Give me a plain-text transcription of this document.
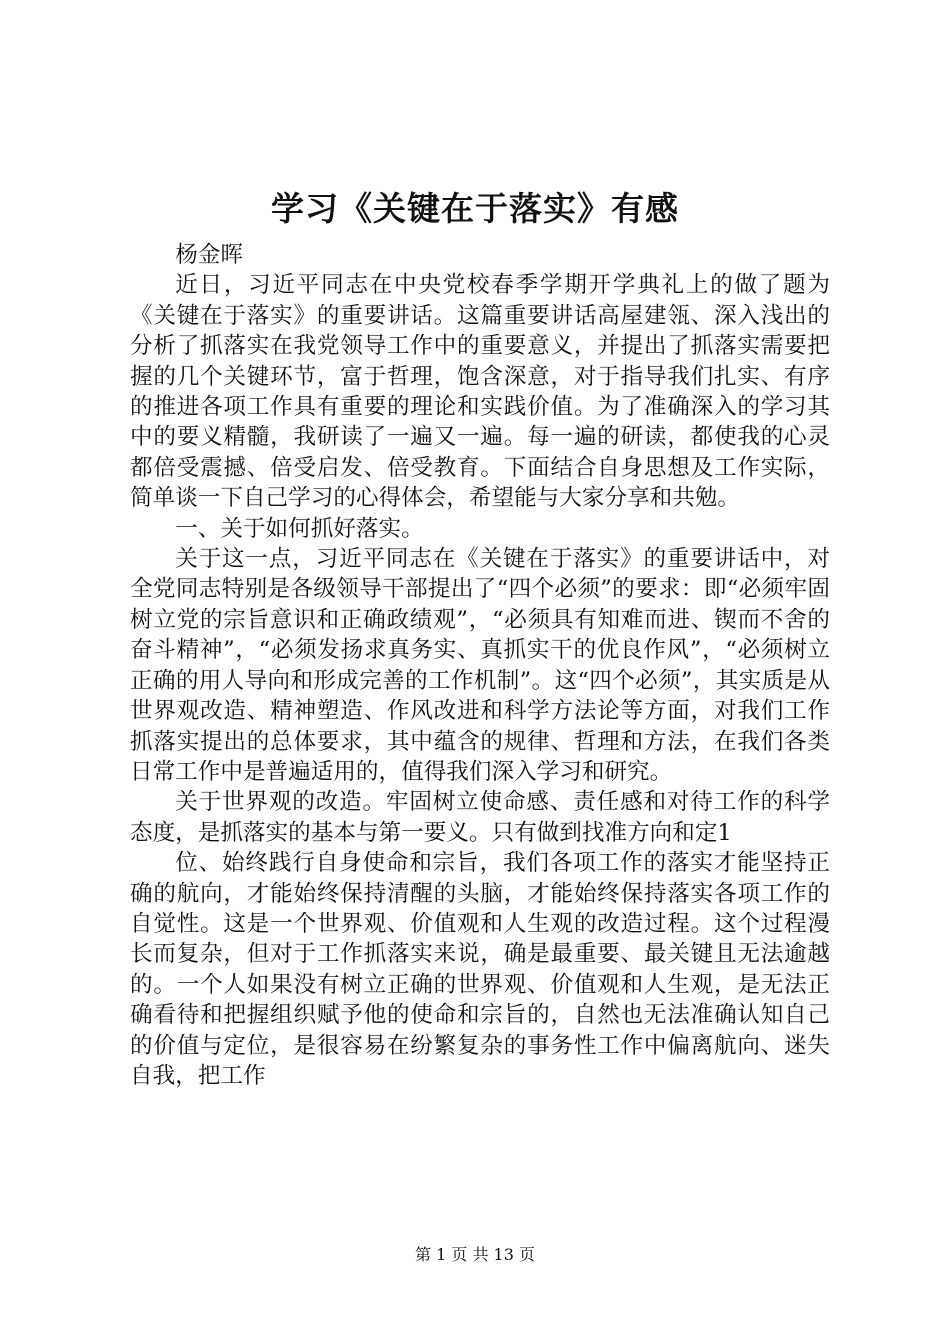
学习《关键在于落实》有感

杨金晖

近日，习近平同志在中央党校春季学期开学典礼上的做了题为《关键在于落实》的重要讲话。这篇重要讲话高屋建瓴、深入浅出的分析了抓落实在我党领导工作中的重要意义，并提出了抓落实需要把握的几个关键环节，富于哲理，饱含深意，对于指导我们扎实、有序的推进各项工作具有重要的理论和实践价值。为了准确深入的学习其中的要义精髓，我研读了一遍又一遍。每一遍的研读，都使我的心灵都倍受震撼、倍受启发、倍受教育。下面结合自身思想及工作实际，简单谈一下自己学习的心得体会，希望能与大家分享和共勉。

一、关于如何抓好落实。

关于这一点，习近平同志在《关键在于落实》的重要讲话中，对全党同志特别是各级领导干部提出了“四个必须”的要求：即“必须牢固树立党的宗旨意识和正确政绩观”，“必须具有知难而进、锲而不舍的奋斗精神”，“必须发扬求真务实、真抓实干的优良作风”，“必须树立正确的用人导向和形成完善的工作机制”。这“四个必须”，其实质是从世界观改造、精神塑造、作风改进和科学方法论等方面，对我们工作抓落实提出的总体要求，其中蕴含的规律、哲理和方法，在我们各类日常工作中是普遍适用的，值得我们深入学习和研究。

关于世界观的改造。牢固树立使命感、责任感和对待工作的科学态度，是抓落实的基本与第一要义。只有做到找准方向和定1

位、始终践行自身使命和宗旨，我们各项工作的落实才能坚持正确的航向，才能始终保持清醒的头脑，才能始终保持落实各项工作的自觉性。这是一个世界观、价值观和人生观的改造过程。这个过程漫长而复杂，但对于工作抓落实来说，确是最重要、最关键且无法逾越的。一个人如果没有树立正确的世界观、价值观和人生观，是无法正确看待和把握组织赋予他的使命和宗旨的，自然也无法准确认知自己的价值与定位，是很容易在纷繁复杂的事务性工作中偏离航向、迷失自我，把工作

第 1 页 共 13 页
